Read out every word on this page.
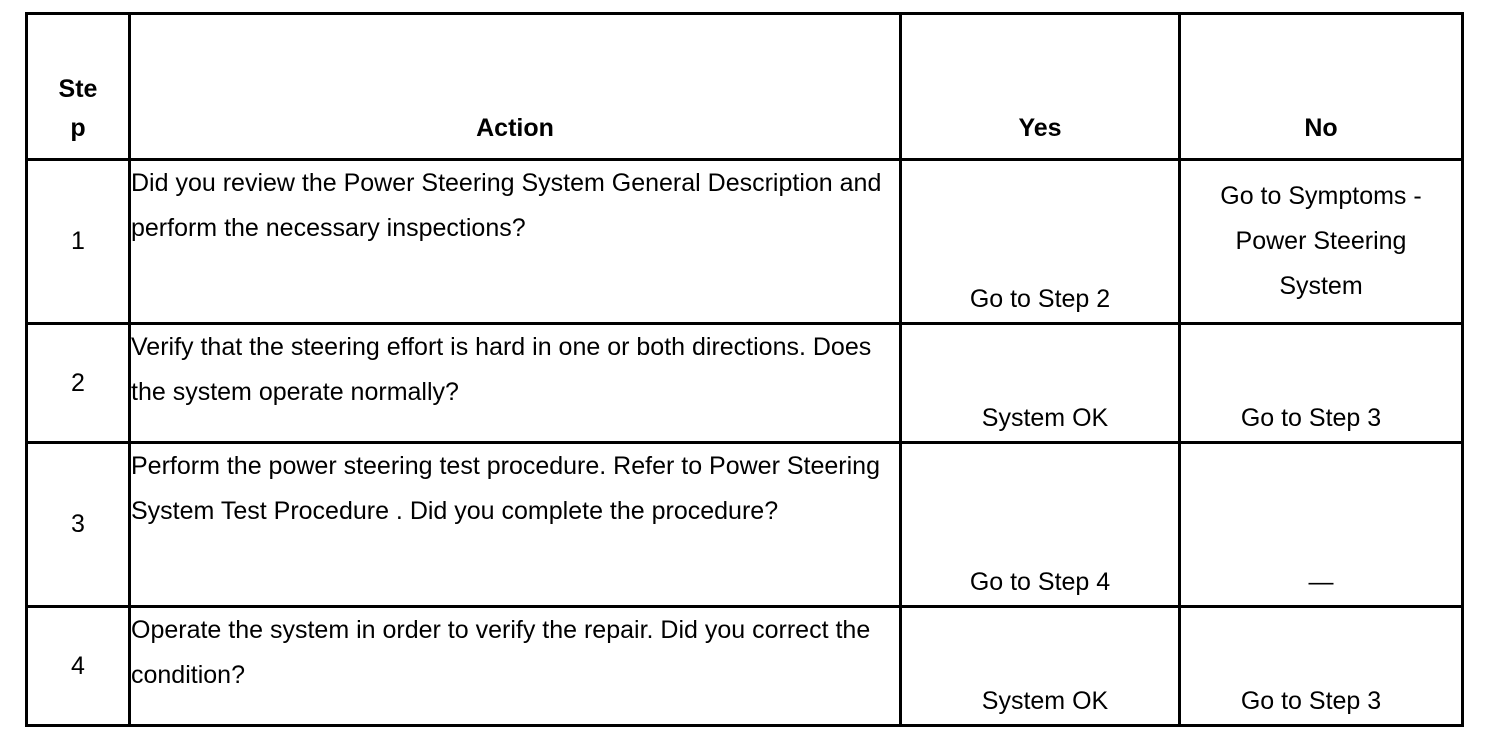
Step	Action	Yes	No
1	Did you review the Power Steering System General Description and perform the necessary inspections?	Go to Step 2	Go to Symptoms - Power Steering System
2	Verify that the steering effort is hard in one or both directions. Does the system operate normally?	System OK	Go to Step 3
3	Perform the power steering test procedure. Refer to Power Steering System Test Procedure . Did you complete the procedure?	Go to Step 4	—
4	Operate the system in order to verify the repair. Did you correct the condition?	System OK	Go to Step 3
